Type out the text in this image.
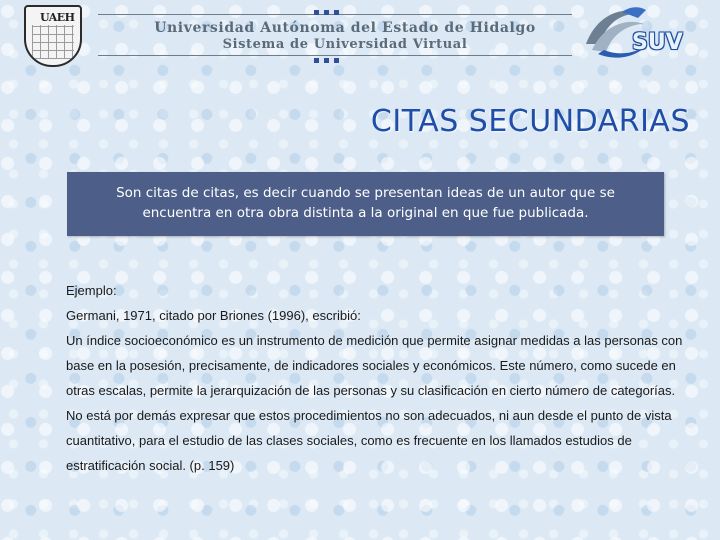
UAEH
Universidad Autónoma del Estado de Hidalgo
Sistema de Universidad Virtual	SUV
CITAS SECUNDARIAS
Son citas de citas, es decir cuando se presentan ideas de un autor que se encuentra en otra obra distinta a la original en que fue publicada.

Ejemplo:

Germani, 1971, citado por Briones (1996), escribió:

Un índice socioeconómico es un instrumento de medición que permite asignar medidas a las personas con base en la posesión, precisamente, de indicadores sociales y económicos. Este número, como sucede en otras escalas, permite la jerarquización de las personas y su clasificación en cierto número de categorías. No está por demás expresar que estos procedimientos no son adecuados, ni aun desde el punto de vista cuantitativo, para el estudio de las clases sociales, como es frecuente en los llamados estudios de estratificación social. (p. 159)
